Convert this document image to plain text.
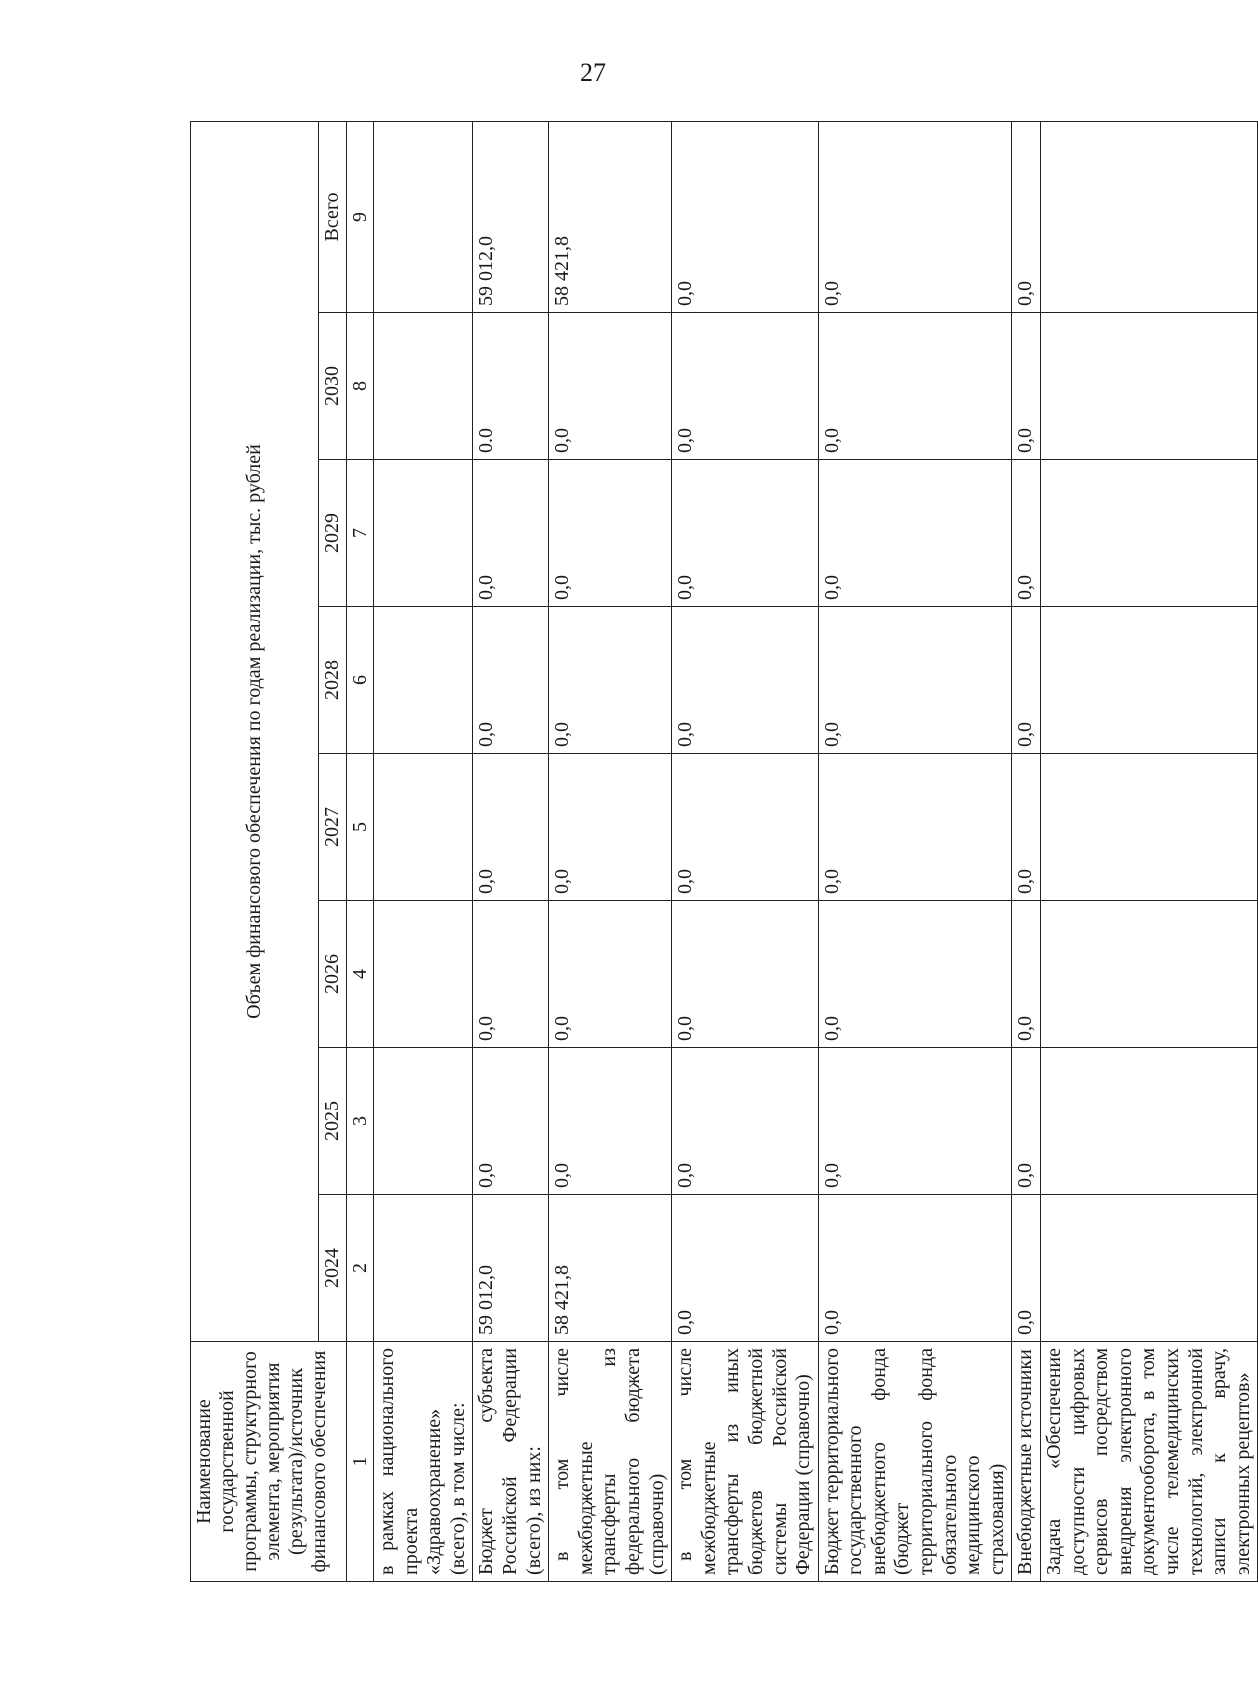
27
Наименование государственной программы, структурного элемента, мероприятия (результата)/источник финансового обеспечения	Объем финансового обеспечения по годам реализации, тыс. рублей							
	2024	2025	2026	2027	2028	2029	2030	Всего
1	2	3	4	5	6	7	8	9
в рамках национального проекта «Здравоохранение» (всего), в том числе:								
Бюджет субъекта Российской Федерации (всего), из них:	59 012,0	0,0	0,0	0,0	0,0	0,0	0.0	59 012,0
в том числе межбюджетные трансферты из федерального бюджета (справочно)	58 421,8	0,0	0,0	0,0	0,0	0,0	0,0	58 421,8
в том числе межбюджетные трансферты из иных бюджетов бюджетной системы Российской Федерации (справочно)	0,0	0,0	0,0	0,0	0,0	0,0	0,0	0,0
Бюджет территориального государственного внебюджетного фонда (бюджет территориального фонда обязательного медицинского страхования)	0,0	0,0	0,0	0,0	0,0	0,0	0,0	0,0
Внебюджетные источники	0,0	0,0	0,0	0,0	0,0	0,0	0,0	0,0
Задача «Обеспечение доступности цифровых сервисов посредством внедрения электронного документооборота, в том числе телемедицинских технологий, электронной записи к врачу, электронных рецептов»								
